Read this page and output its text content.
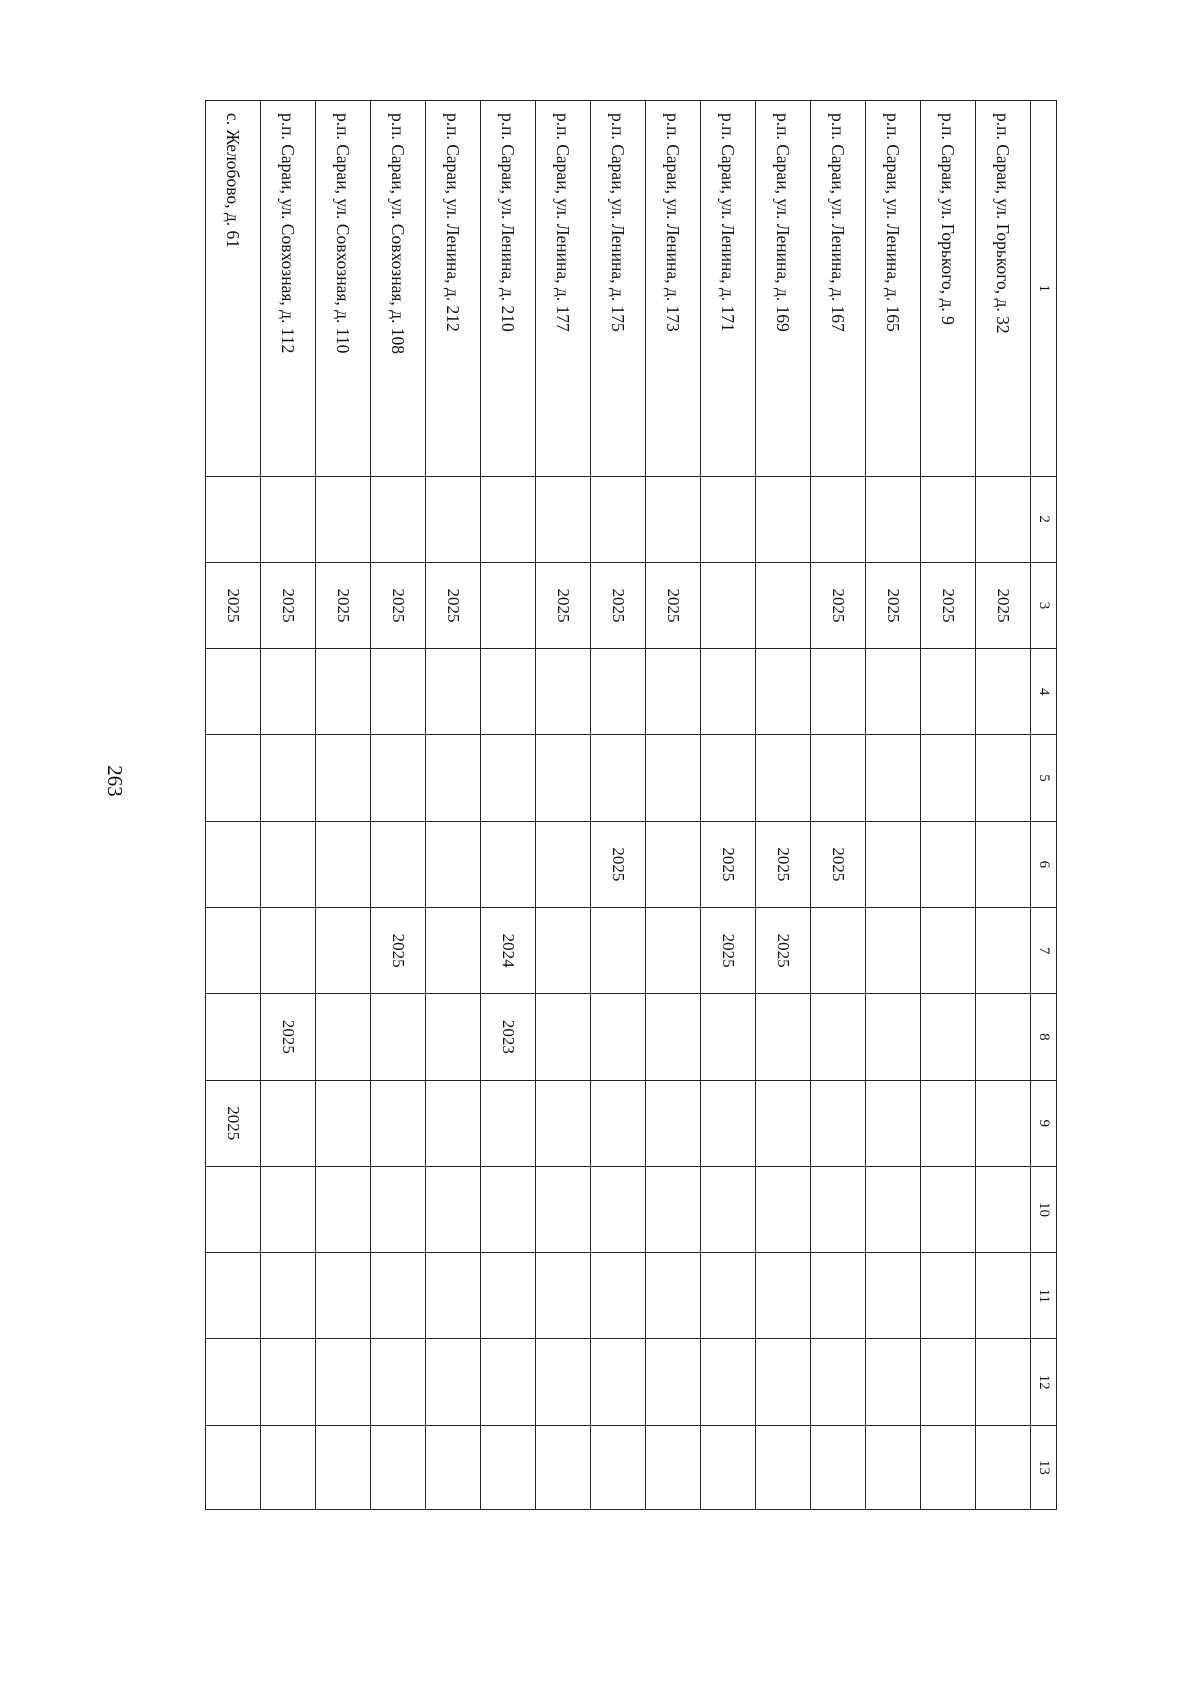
263
1	2	3	4	5	6	7	8	9	10	11	12	13
р.п. Сараи, ул. Горького, д. 32		2025										
р.п. Сараи, ул. Горького, д. 9		2025										
р.п. Сараи, ул. Ленина, д. 165		2025										
р.п. Сараи, ул. Ленина, д. 167		2025			2025							
р.п. Сараи, ул. Ленина, д. 169					2025	2025						
р.п. Сараи, ул. Ленина, д. 171					2025	2025						
р.п. Сараи, ул. Ленина, д. 173		2025										
р.п. Сараи, ул. Ленина, д. 175		2025			2025							
р.п. Сараи, ул. Ленина, д. 177		2025										
р.п. Сараи, ул. Ленина, д. 210						2024	2023					
р.п. Сараи, ул. Ленина, д. 212		2025										
р.п. Сараи, ул. Совхозная, д. 108		2025				2025						
р.п. Сараи, ул. Совхозная, д. 110		2025										
р.п. Сараи, ул. Совхозная, д. 112		2025					2025					
с. Желобово, д. 61		2025						2025				
